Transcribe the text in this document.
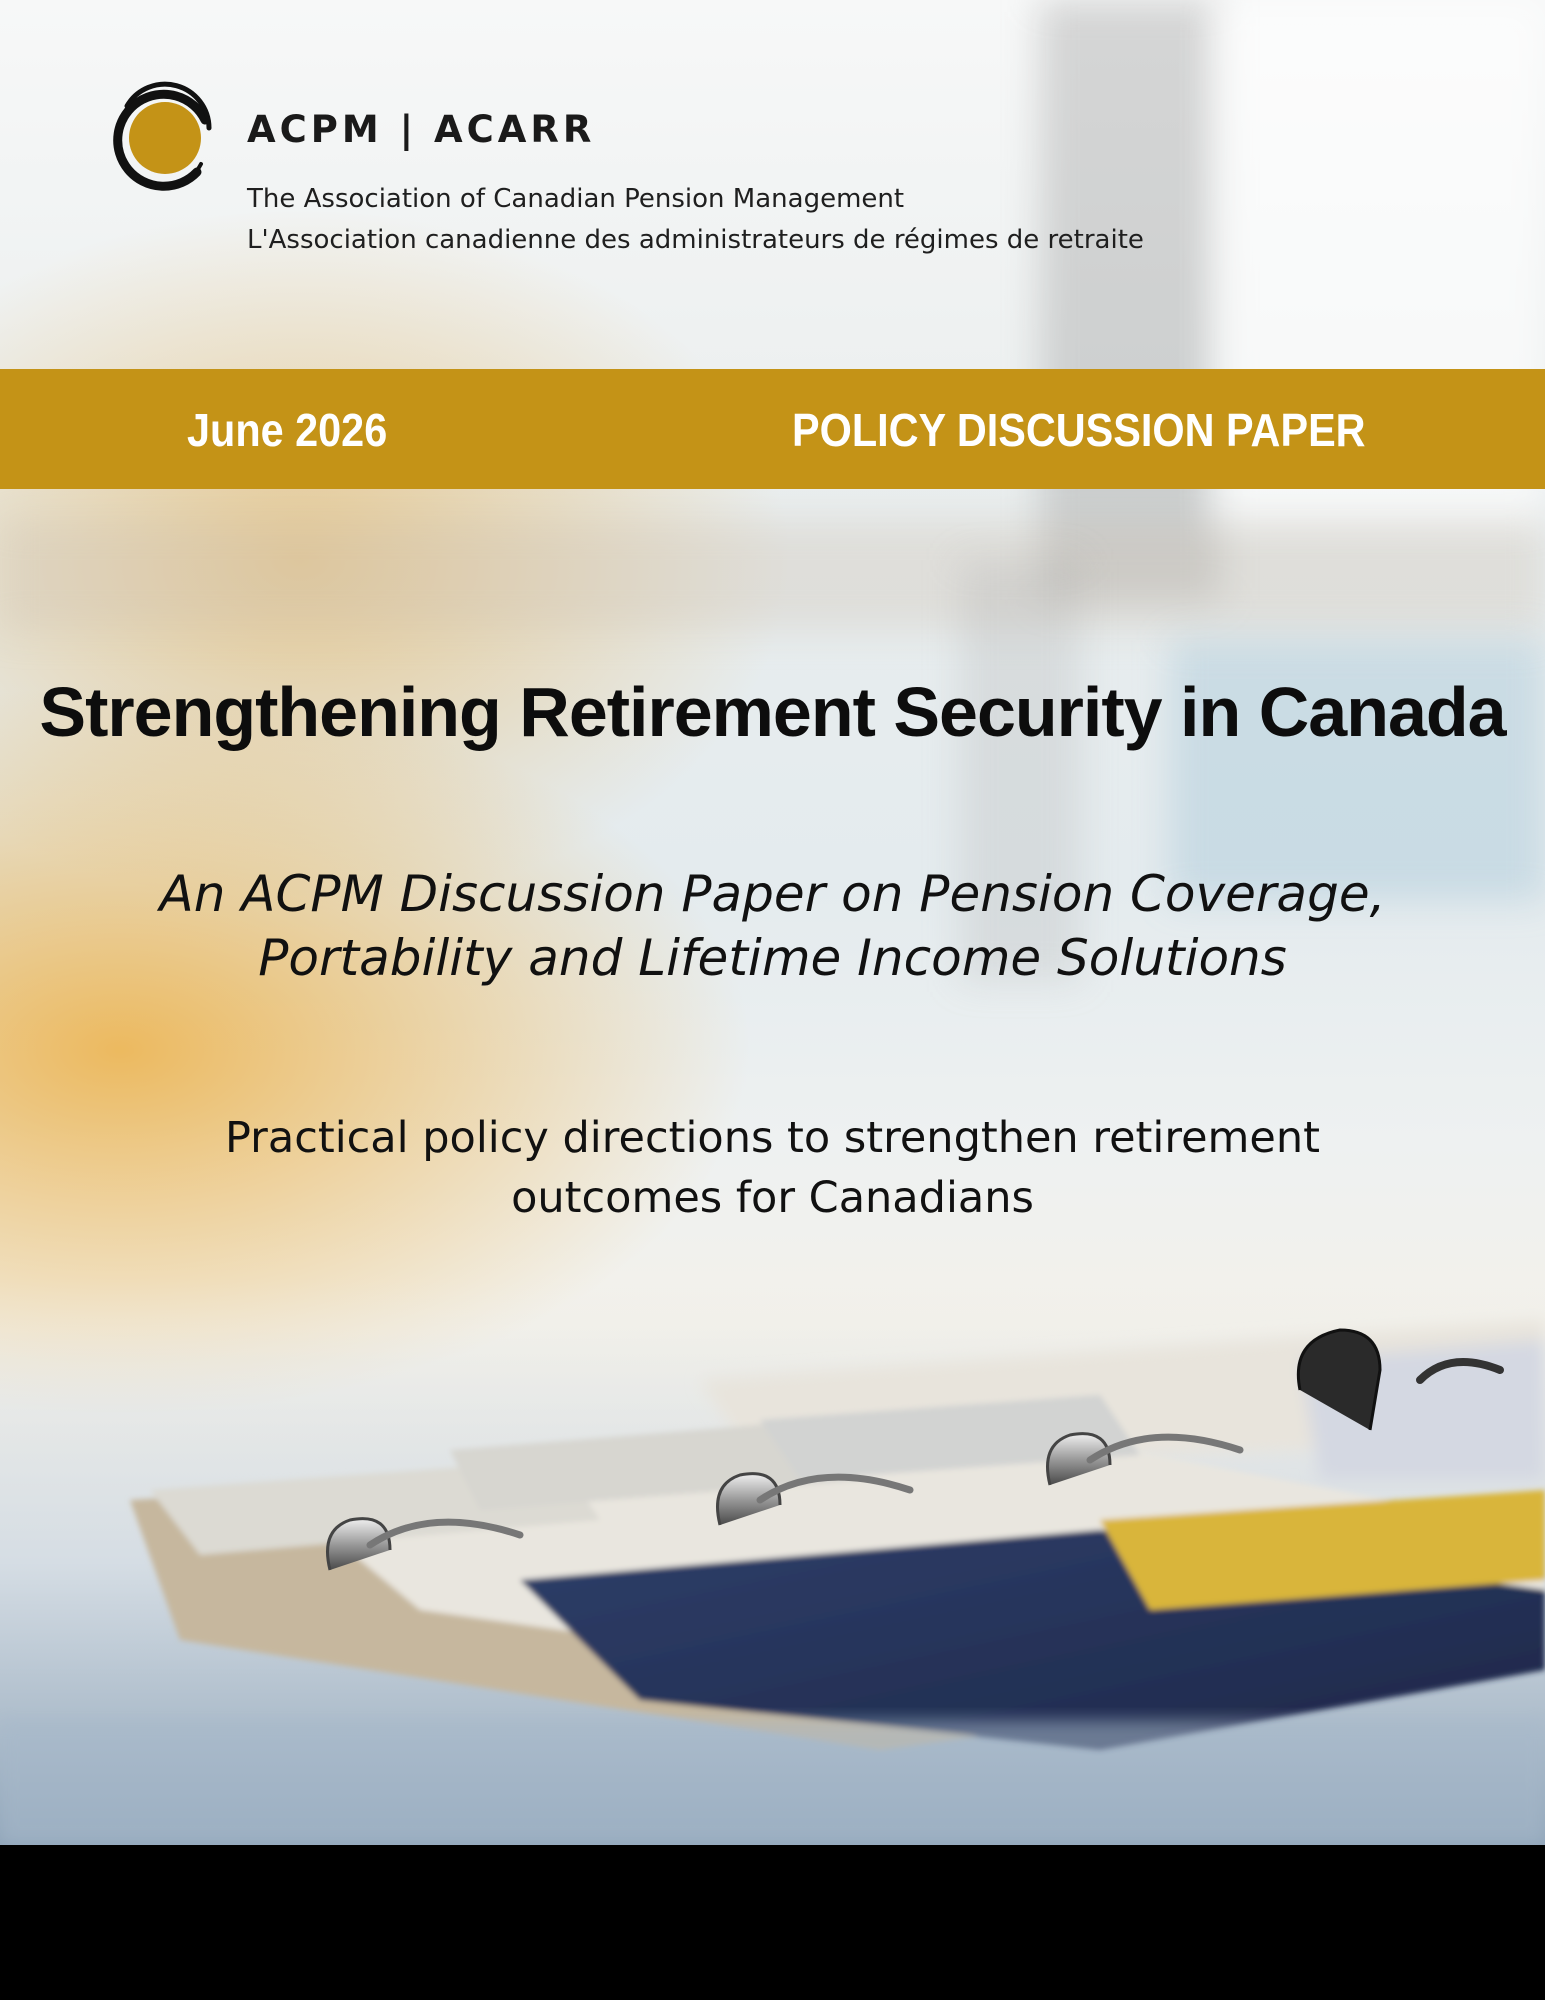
ACPM | ACARR
The Association of Canadian Pension Management
L'Association canadienne des administrateurs de régimes de retraite
June 2026	POLICY DISCUSSION PAPER
Strengthening Retirement Security in Canada
An ACPM Discussion Paper on Pension Coverage,
Portability and Lifetime Income Solutions
Practical policy directions to strengthen retirement
outcomes for Canadians
